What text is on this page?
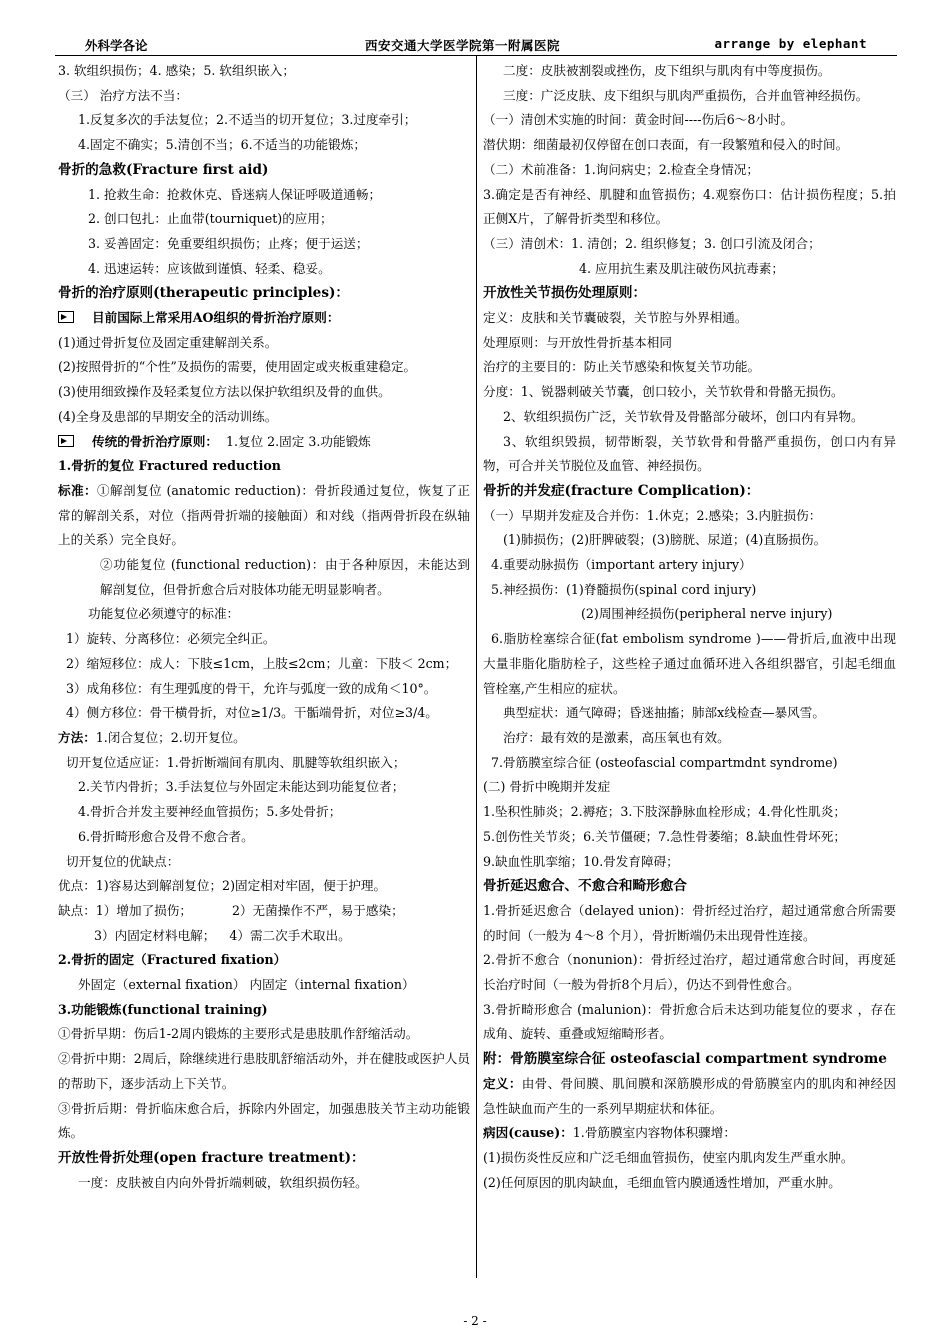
外科学各论	西安交通大学医学院第一附属医院	arrange by elephant

3. 软组织损伤；4. 感染；5. 软组织嵌入；

（三） 治疗方法不当：

1.反复多次的手法复位；2.不适当的切开复位；3.过度牵引；

4.固定不确实；5.清创不当；6.不适当的功能锻炼；

骨折的急救(Fracture first aid)

1. 抢救生命：抢救休克、昏迷病人保证呼吸道通畅；

2. 创口包扎：止血带(tourniquet)的应用；

3. 妥善固定：免重要组织损伤；止疼；便于运送；

4. 迅速运转：应该做到谨慎、轻柔、稳妥。

骨折的治疗原则(therapeutic principles)：

目前国际上常采用AO组织的骨折治疗原则：

(1)通过骨折复位及固定重建解剖关系。

(2)按照骨折的“个性”及损伤的需要，使用固定或夹板重建稳定。

(3)使用细致操作及轻柔复位方法以保护软组织及骨的血供。

(4)全身及患部的早期安全的活动训练。

传统的骨折治疗原则： 1.复位 2.固定 3.功能锻炼

1.骨折的复位 Fractured reduction

标准：①解剖复位 (anatomic reduction)：骨折段通过复位，恢复了正常的解剖关系，对位（指两骨折端的接触面）和对线（指两骨折段在纵轴上的关系）完全良好。

②功能复位 (functional reduction)：由于各种原因，未能达到解剖复位，但骨折愈合后对肢体功能无明显影响者。

功能复位必须遵守的标准：

1）旋转、分离移位：必须完全纠正。

2）缩短移位：成人：下肢≤1cm，上肢≤2cm；儿童：下肢＜ 2cm；

3）成角移位：有生理弧度的骨干，允许与弧度一致的成角＜10°。

4）侧方移位：骨干横骨折，对位≥1/3。干骺端骨折，对位≥3/4。

方法：1.闭合复位；2.切开复位。

切开复位适应证：1.骨折断端间有肌肉、肌腱等软组织嵌入；

2.关节内骨折；3.手法复位与外固定未能达到功能复位者；

4.骨折合并发主要神经血管损伤；5.多处骨折；

6.骨折畸形愈合及骨不愈合者。

切开复位的优缺点：

优点：1)容易达到解剖复位；2)固定相对牢固，便于护理。

缺点：1）增加了损伤；	2）无菌操作不严，易于感染；

3）内固定材料电解； 4）需二次手术取出。

2.骨折的固定（Fractured fixation）

外固定（external fixation） 内固定（internal fixation）

3.功能锻炼(functional training)

①骨折早期：伤后1-2周内锻炼的主要形式是患肢肌作舒缩活动。

②骨折中期：2周后，除继续进行患肢肌舒缩活动外，并在健肢或医护人员的帮助下，逐步活动上下关节。

③骨折后期：骨折临床愈合后，拆除内外固定，加强患肢关节主动功能锻炼。

开放性骨折处理(open fracture treatment)：

一度：皮肤被自内向外骨折端刺破，软组织损伤轻。

二度：皮肤被割裂或挫伤，皮下组织与肌肉有中等度损伤。

三度：广泛皮肤、皮下组织与肌肉严重损伤，合并血管神经损伤。

（一）清创术实施的时间：黄金时间----伤后6～8小时。

潜伏期：细菌最初仅停留在创口表面，有一段繁殖和侵入的时间。

（二）术前准备：1.询问病史；2.检查全身情况；

3.确定是否有神经、肌腱和血管损伤；4.观察伤口：估计损伤程度；5.拍正侧X片，了解骨折类型和移位。

（三）清创术：1. 清创；2. 组织修复；3. 创口引流及闭合；

4. 应用抗生素及肌注破伤风抗毒素；

开放性关节损伤处理原则：

定义：皮肤和关节囊破裂，关节腔与外界相通。

处理原则：与开放性骨折基本相同

治疗的主要目的：防止关节感染和恢复关节功能。

分度：1、锐器刺破关节囊，创口较小，关节软骨和骨骼无损伤。

2、软组织损伤广泛，关节软骨及骨骼部分破坏，创口内有异物。

3、软组织毁损，韧带断裂，关节软骨和骨骼严重损伤，创口内有异物，可合并关节脱位及血管、神经损伤。

骨折的并发症(fracture Complication)：

（一）早期并发症及合并伤：1.休克；2.感染；3.内脏损伤：

(1)肺损伤；(2)肝脾破裂；(3)膀胱、尿道；(4)直肠损伤。

4.重要动脉损伤（important artery injury）

5.神经损伤：(1)脊髓损伤(spinal cord injury)

(2)周围神经损伤(peripheral nerve injury)

6.脂肪栓塞综合征(fat embolism syndrome )——骨折后,血液中出现大量非脂化脂肪栓子，这些栓子通过血循环进入各组织器官，引起毛细血管栓塞,产生相应的症状。

典型症状：通气障碍；昏迷抽搐；肺部x线检查—暴风雪。

治疗：最有效的是激素，高压氧也有效。

7.骨筋膜室综合征 (osteofascial compartmdnt syndrome)

(二) 骨折中晚期并发症

1.坠积性肺炎；2.褥疮；3.下肢深静脉血栓形成；4.骨化性肌炎；

5.创伤性关节炎；6.关节僵硬；7.急性骨萎缩；8.缺血性骨坏死；

9.缺血性肌挛缩；10.骨发育障碍；

骨折延迟愈合、不愈合和畸形愈合

1.骨折延迟愈合（delayed union)：骨折经过治疗，超过通常愈合所需要的时间（一般为 4～8 个月），骨折断端仍未出现骨性连接。

2.骨折不愈合（nonunion)：骨折经过治疗，超过通常愈合时间，再度延长治疗时间（一般为骨折8个月后），仍达不到骨性愈合。

3.骨折畸形愈合 (malunion)：骨折愈合后未达到功能复位的要求 ，存在成角、旋转、重叠或短缩畸形者。

附：骨筋膜室综合征 osteofascial compartment syndrome

定义：由骨、骨间膜、肌间膜和深筋膜形成的骨筋膜室内的肌肉和神经因急性缺血而产生的一系列早期症状和体征。

病因(cause)：1.骨筋膜室内容物体积骤增：

(1)损伤炎性反应和广泛毛细血管损伤，使室内肌肉发生严重水肿。

(2)任何原因的肌肉缺血，毛细血管内膜通透性增加，严重水肿。

- 2 -
